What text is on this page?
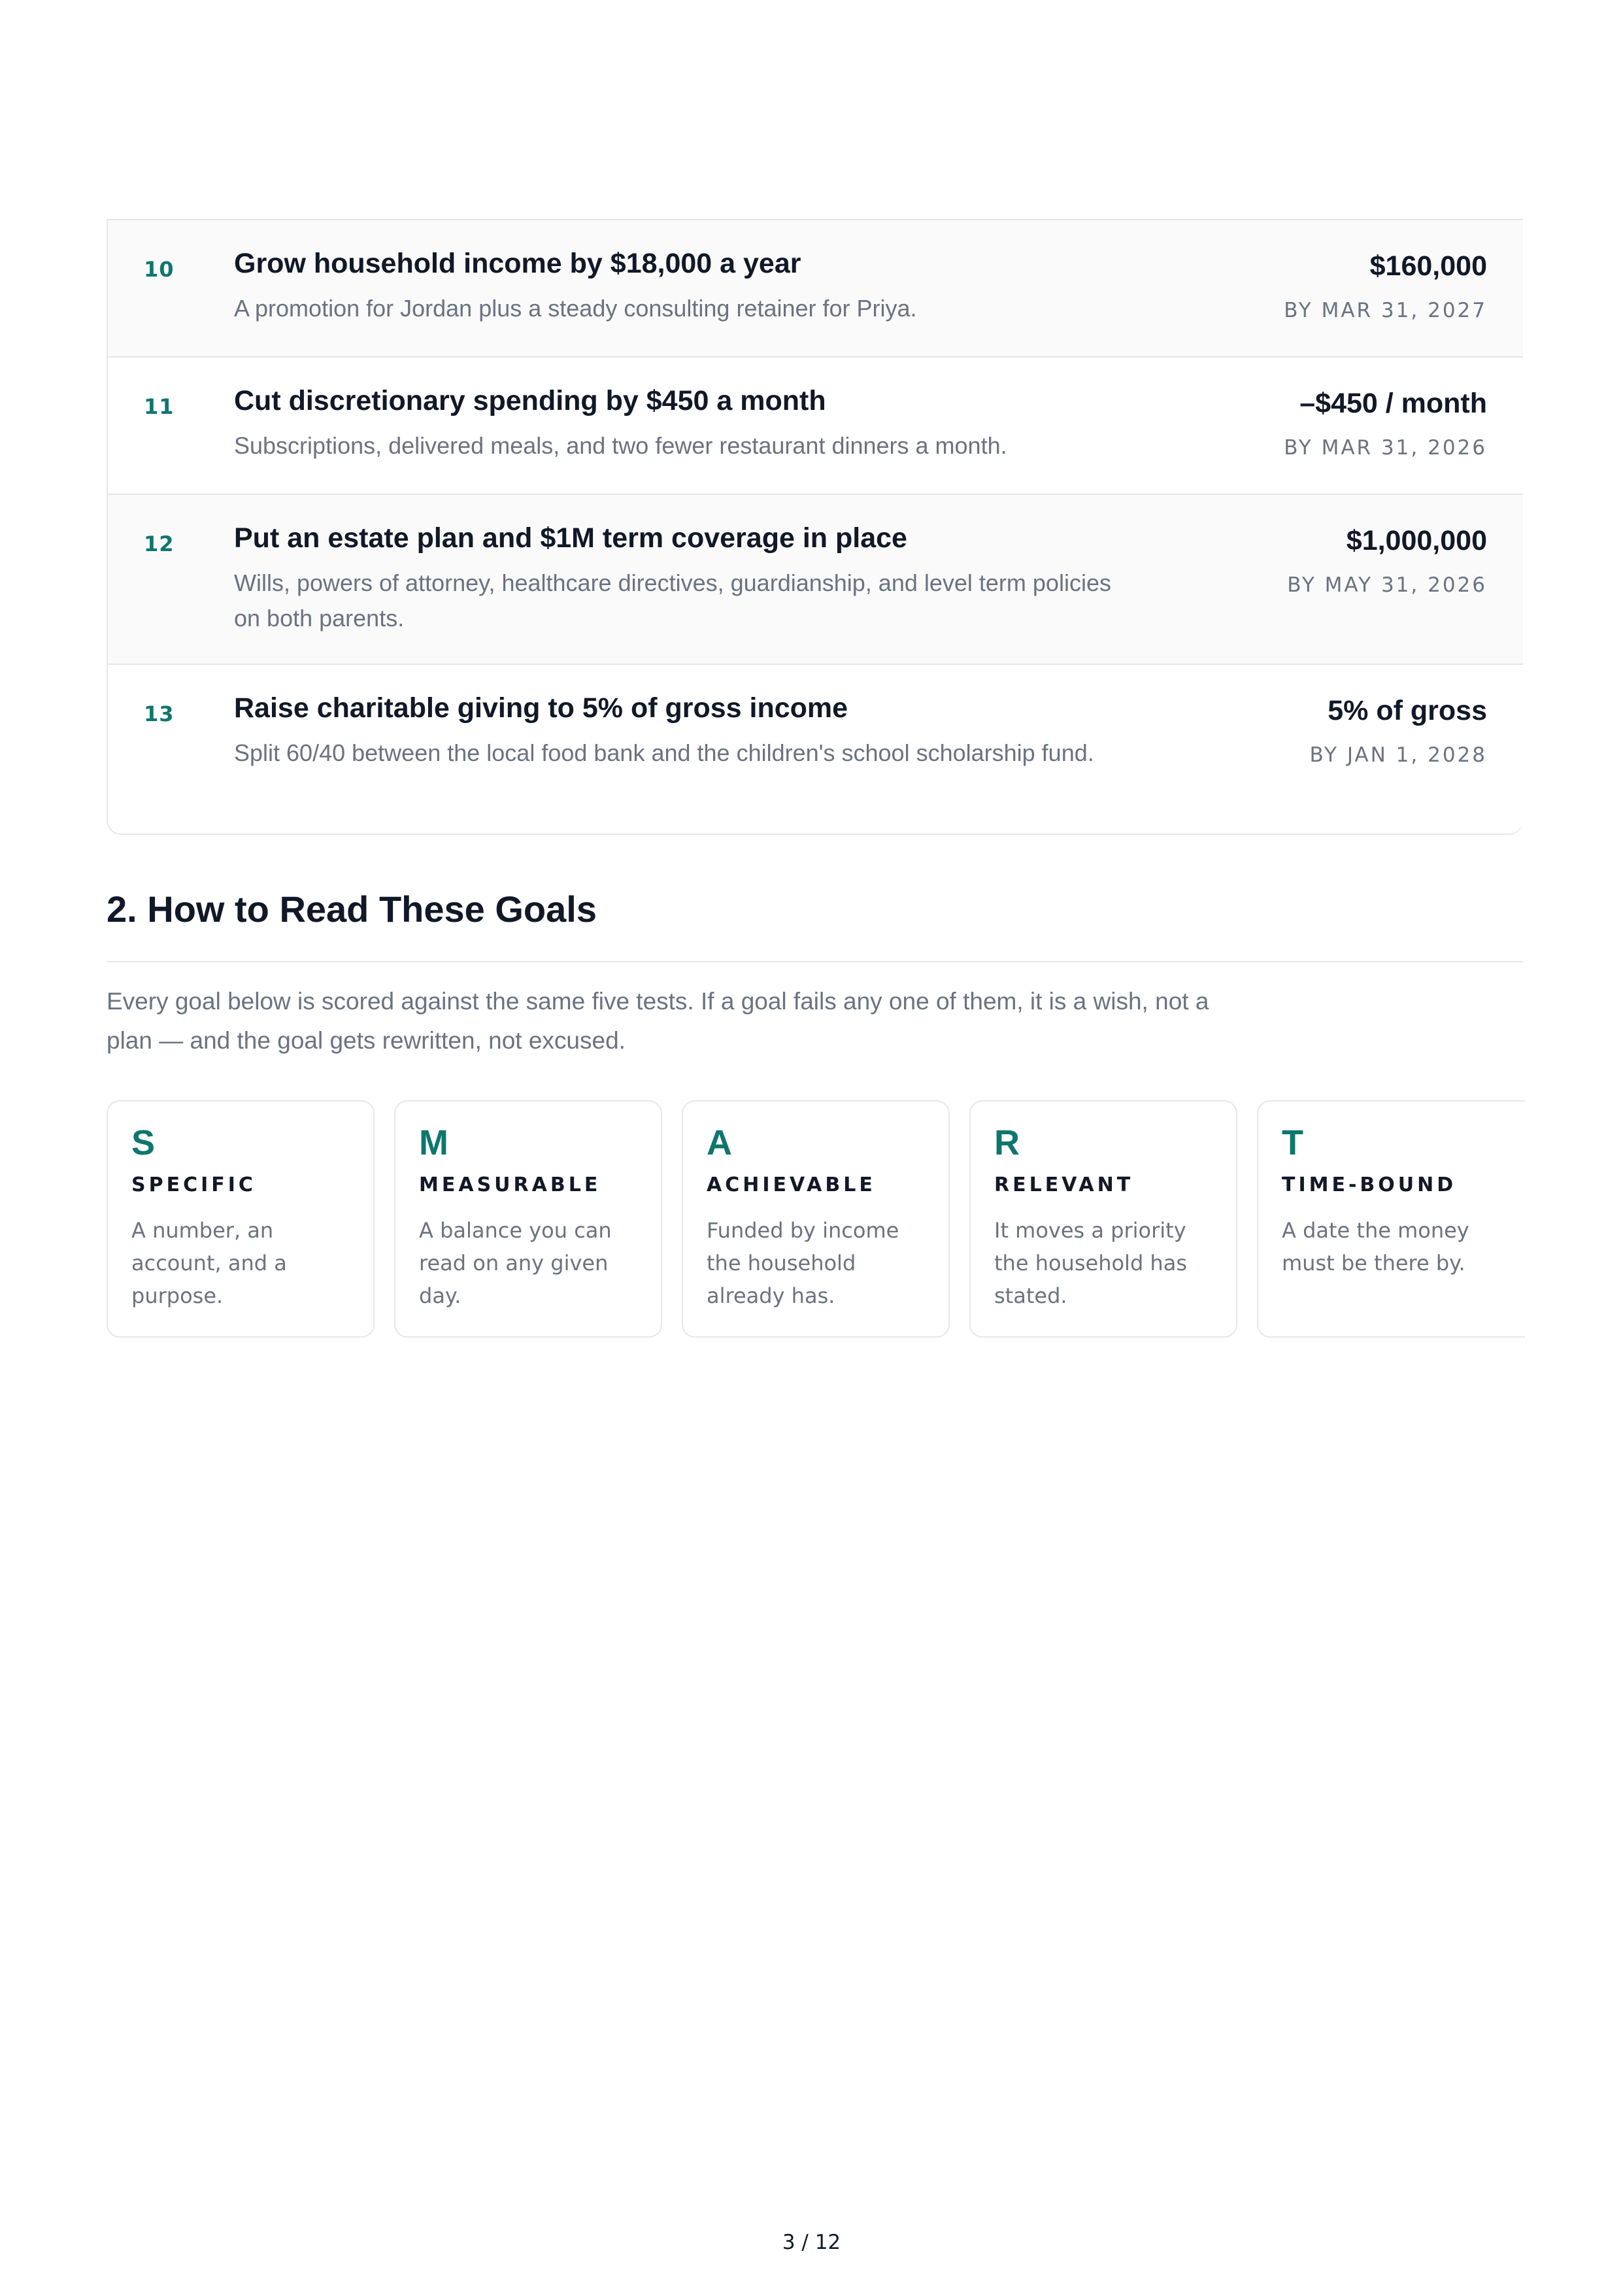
10 Grow household income by $18,000 a year
A promotion for Jordan plus a steady consulting retainer for Priya.
$160,000
BY MAR 31, 2027
11 Cut discretionary spending by $450 a month
Subscriptions, delivered meals, and two fewer restaurant dinners a month.
–$450 / month
BY MAR 31, 2026
12 Put an estate plan and $1M term coverage in place
Wills, powers of attorney, healthcare directives, guardianship, and level term policies on both parents.
$1,000,000
BY MAY 31, 2026
13 Raise charitable giving to 5% of gross income
Split 60/40 between the local food bank and the children's school scholarship fund.
5% of gross
BY JAN 1, 2028
2. How to Read These Goals

Every goal below is scored against the same five tests. If a goal fails any one of them, it is a wish, not a plan — and the goal gets rewritten, not excused.

S
SPECIFIC
A number, an account, and a purpose.
M
MEASURABLE
A balance you can read on any given day.
A
ACHIEVABLE
Funded by income the household already has.
R
RELEVANT
It moves a priority the household has stated.
T
TIME-BOUND
A date the money must be there by.
3 / 12
